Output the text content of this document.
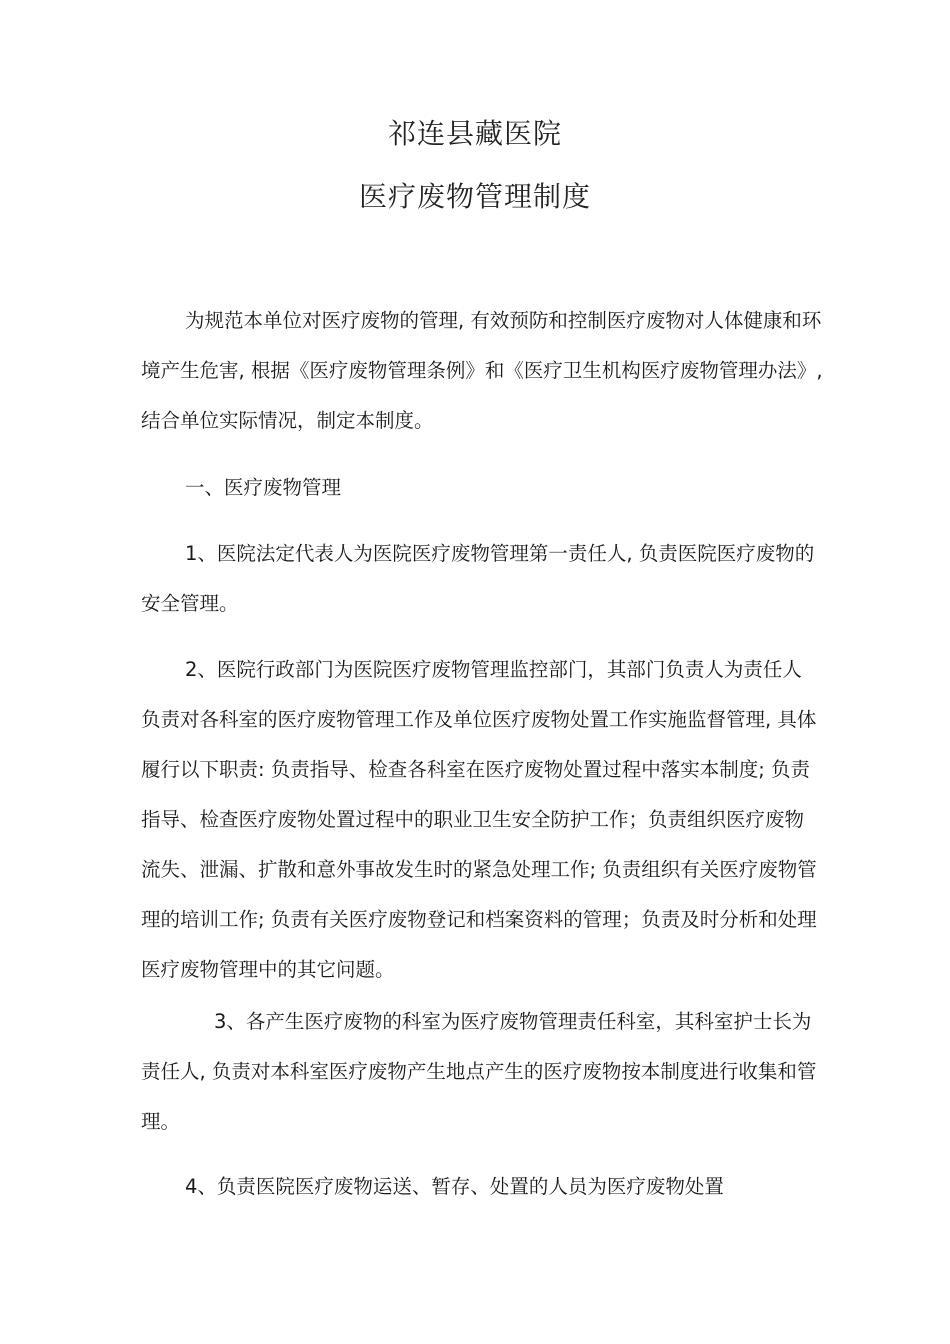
祁连县藏医院
医疗废物管理制度
为规范本单位对医疗废物的管理, 有效预防和控制医疗废物对人体健康和环
境产生危害, 根据《医疗废物管理条例》和《医疗卫生机构医疗废物管理办法》,
结合单位实际情况，制定本制度。
一、医疗废物管理
1、医院法定代表人为医院医疗废物管理第一责任人, 负责医院医疗废物的
安全管理。
2、医院行政部门为医院医疗废物管理监控部门，其部门负责人为责任人
负责对各科室的医疗废物管理工作及单位医疗废物处置工作实施监督管理, 具体
履行以下职责: 负责指导、检查各科室在医疗废物处置过程中落实本制度; 负责
指导、检查医疗废物处置过程中的职业卫生安全防护工作；负责组织医疗废物
流失、泄漏、扩散和意外事故发生时的紧急处理工作; 负责组织有关医疗废物管
理的培训工作; 负责有关医疗废物登记和档案资料的管理；负责及时分析和处理
医疗废物管理中的其它问题。
3、各产生医疗废物的科室为医疗废物管理责任科室，其科室护士长为
责任人, 负责对本科室医疗废物产生地点产生的医疗废物按本制度进行收集和管
理。
4、负责医院医疗废物运送、暂存、处置的人员为医疗废物处置
